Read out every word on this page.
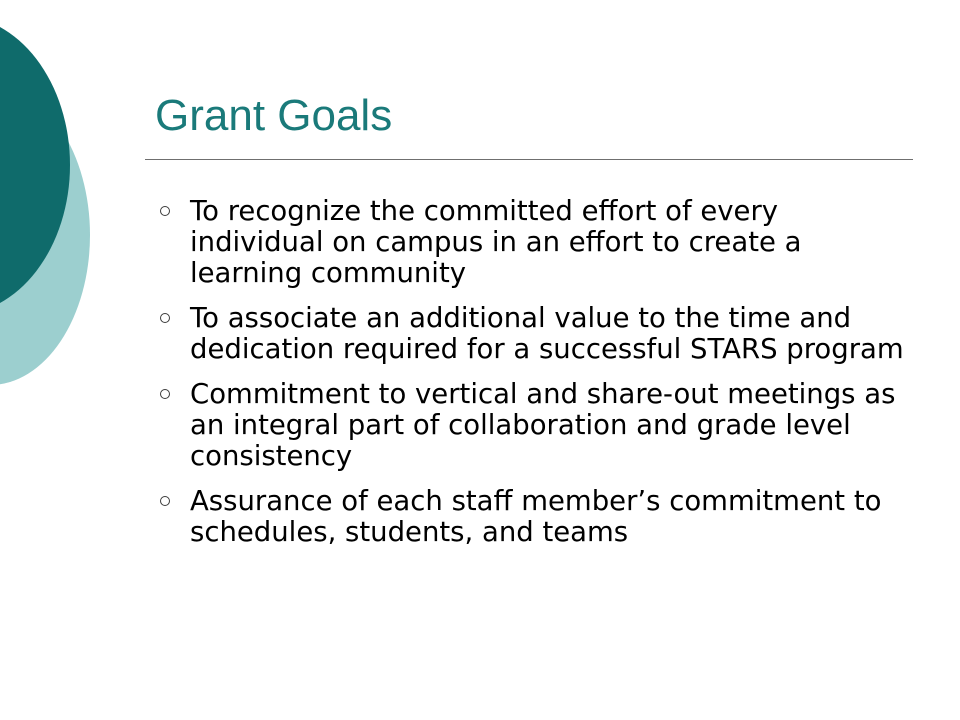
Grant Goals
To recognize the committed effort of every individual on campus in an effort to create a learning community
To associate an additional value to the time and dedication required for a successful STARS program
Commitment to vertical and share-out meetings as an integral part of collaboration and grade level consistency
Assurance of each staff member’s commitment to schedules, students, and teams
